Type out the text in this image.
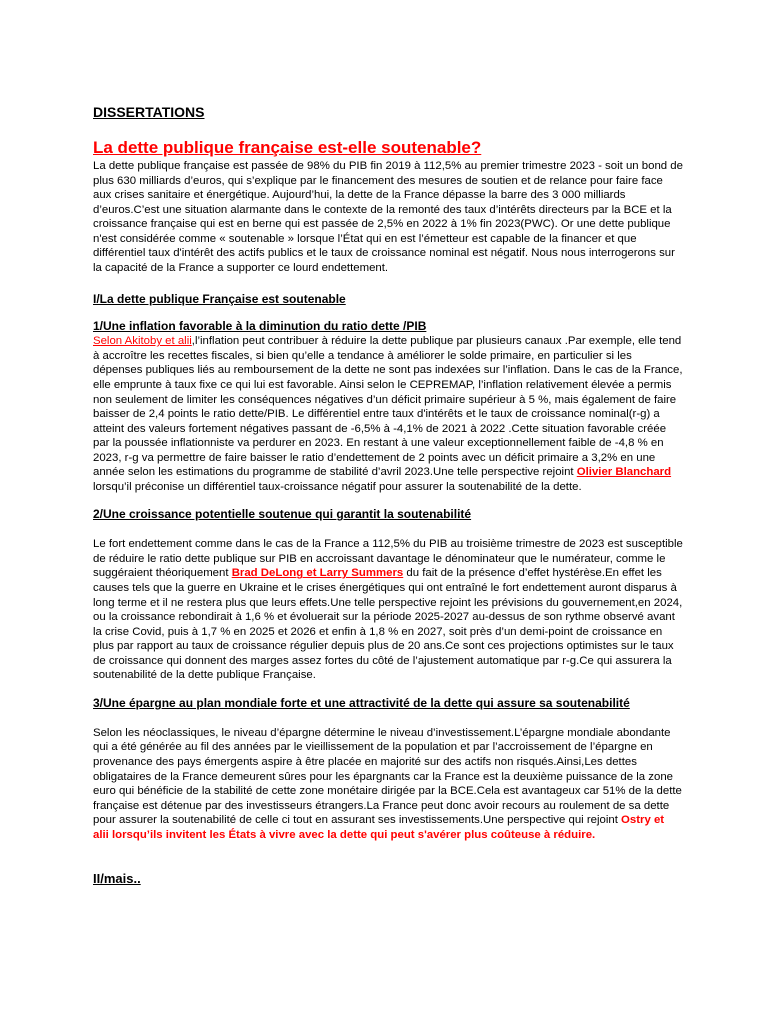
DISSERTATIONS
La dette publique française est-elle soutenable?

La dette publique française est passée de 98% du PIB fin 2019 à 112,5% au premier trimestre 2023 - soit un bond de plus 630 milliards d’euros, qui s’explique par le financement des mesures de soutien et de relance pour faire face aux crises sanitaire et énergétique. Aujourd’hui, la dette de la France dépasse la barre des 3 000 milliards d’euros.C’est une situation alarmante dans le contexte de la remonté des taux d’intérêts directeurs par la BCE et la croissance française qui est en berne qui est passée de 2,5% en 2022 à 1% fin 2023(PWC). Or une dette publique n'est considérée comme « soutenable » lorsque l’État qui en est l’émetteur est capable de la financer et que différentiel taux d'intérêt des actifs publics et le taux de croissance nominal est négatif. Nous nous interrogerons sur la capacité de la France a supporter ce lourd endettement.

I/La dette publique Française est soutenable
1/Une inflation favorable à la diminution du ratio dette /PIB

Selon Akitoby et alii,l’inflation peut contribuer à réduire la dette publique par plusieurs canaux .Par exemple, elle tend à accroître les recettes fiscales, si bien qu’elle a tendance à améliorer le solde primaire, en particulier si les dépenses publiques liés au remboursement de la dette ne sont pas indexées sur l’inflation. Dans le cas de la France, elle emprunte à taux fixe ce qui lui est favorable. Ainsi selon le CEPREMAP, l’inflation relativement élevée a permis non seulement de limiter les conséquences négatives d’un déficit primaire supérieur à 5 %, mais également de faire baisser de 2,4 points le ratio dette/PIB. Le différentiel entre taux d'intérêts et le taux de croissance nominal(r-g) a atteint des valeurs fortement négatives passant de -6,5% à -4,1% de 2021 à 2022 .Cette situation favorable créée par la poussée inflationniste va perdurer en 2023. En restant à une valeur exceptionnellement faible de -4,8 % en 2023, r-g va permettre de faire baisser le ratio d’endettement de 2 points avec un déficit primaire a 3,2% en une année selon les estimations du programme de stabilité d’avril 2023.Une telle perspective rejoint Olivier Blanchard lorsqu’il préconise un différentiel taux-croissance négatif pour assurer la soutenabilité de la dette.

2/Une croissance potentielle soutenue qui garantit la soutenabilité

Le fort endettement comme dans le cas de la France a 112,5% du PIB au troisième trimestre de 2023 est susceptible de réduire le ratio dette publique sur PIB en accroissant davantage le dénominateur que le numérateur, comme le suggéraient théoriquement Brad DeLong et Larry Summers du fait de la présence d’effet hystérèse.En effet les causes tels que la guerre en Ukraine et le crises énergétiques qui ont entraîné le fort endettement auront disparus à long terme et il ne restera plus que leurs effets.Une telle perspective rejoint les prévisions du gouvernement,en 2024, ou la croissance rebondirait à 1,6 % et évoluerait sur la période 2025-2027 au-dessus de son rythme observé avant la crise Covid, puis à 1,7 % en 2025 et 2026 et enfin à 1,8 % en 2027, soit près d’un demi-point de croissance en plus par rapport au taux de croissance régulier depuis plus de 20 ans.Ce sont ces projections optimistes sur le taux de croissance qui donnent des marges assez fortes du côté de l’ajustement automatique par r-g.Ce qui assurera la soutenabilité de la dette publique Française.

3/Une épargne au plan mondiale forte et une attractivité de la dette qui assure sa soutenabilité

Selon les néoclassiques, le niveau d’épargne détermine le niveau d’investissement.L’épargne mondiale abondante qui a été générée au fil des années par le vieillissement de la population et par l’accroissement de l’épargne en provenance des pays émergents aspire à être placée en majorité sur des actifs non risqués.Ainsi,Les dettes obligataires de la France demeurent sûres pour les épargnants car la France est la deuxième puissance de la zone euro qui bénéficie de la stabilité de cette zone monétaire dirigée par la BCE.Cela est avantageux car 51% de la dette française est détenue par des investisseurs étrangers.La France peut donc avoir recours au roulement de sa dette pour assurer la soutenabilité de celle ci tout en assurant ses investissements.Une perspective qui rejoint Ostry et alii lorsqu’ils invitent les États à vivre avec la dette qui peut s'avérer plus coûteuse à réduire.

II/mais..
